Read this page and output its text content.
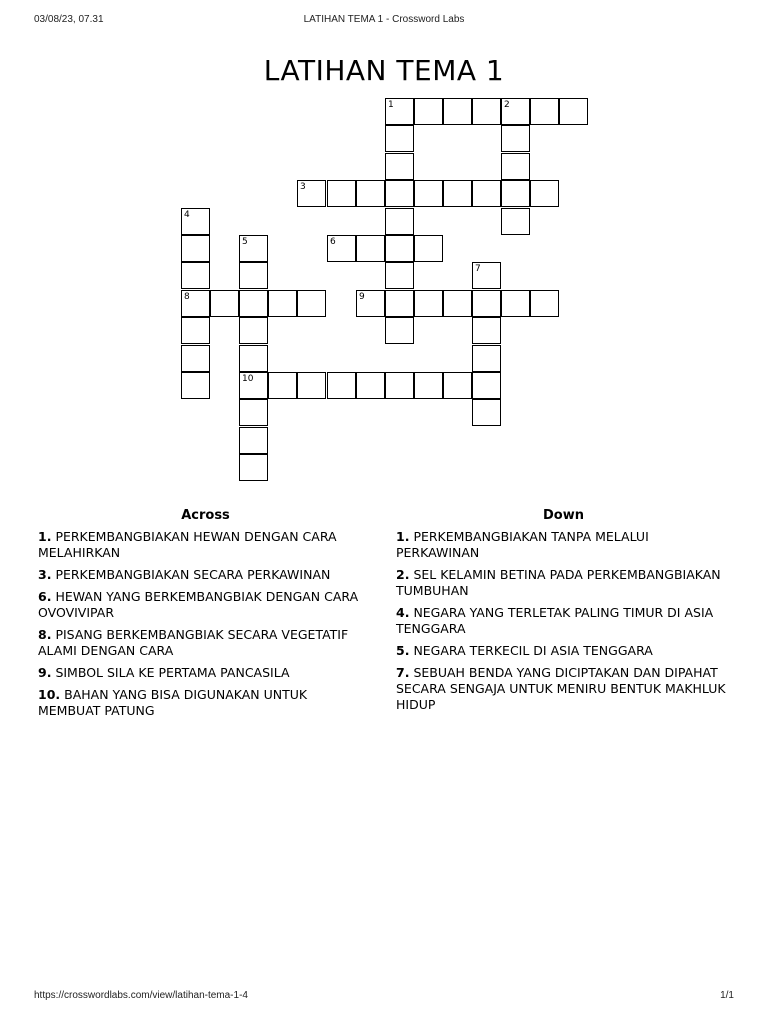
03/08/23, 07.31	LATIHAN TEMA 1 - Crossword Labs
LATIHAN TEMA 1
1	2
3
4
8
5
10
6
7
9
Across

1. PERKEMBANGBIAKAN HEWAN DENGAN CARA MELAHIRKAN

3. PERKEMBANGBIAKAN SECARA PERKAWINAN

6. HEWAN YANG BERKEMBANGBIAK DENGAN CARA OVOVIVIPAR

8. PISANG BERKEMBANGBIAK SECARA VEGETATIF ALAMI DENGAN CARA

9. SIMBOL SILA KE PERTAMA PANCASILA

10. BAHAN YANG BISA DIGUNAKAN UNTUK MEMBUAT PATUNG

Down

1. PERKEMBANGBIAKAN TANPA MELALUI PERKAWINAN

2. SEL KELAMIN BETINA PADA PERKEMBANGBIAKAN TUMBUHAN

4. NEGARA YANG TERLETAK PALING TIMUR DI ASIA TENGGARA

5. NEGARA TERKECIL DI ASIA TENGGARA

7. SEBUAH BENDA YANG DICIPTAKAN DAN DIPAHAT SECARA SENGAJA UNTUK MENIRU BENTUK MAKHLUK HIDUP

https://crosswordlabs.com/view/latihan-tema-1-4	1/1
